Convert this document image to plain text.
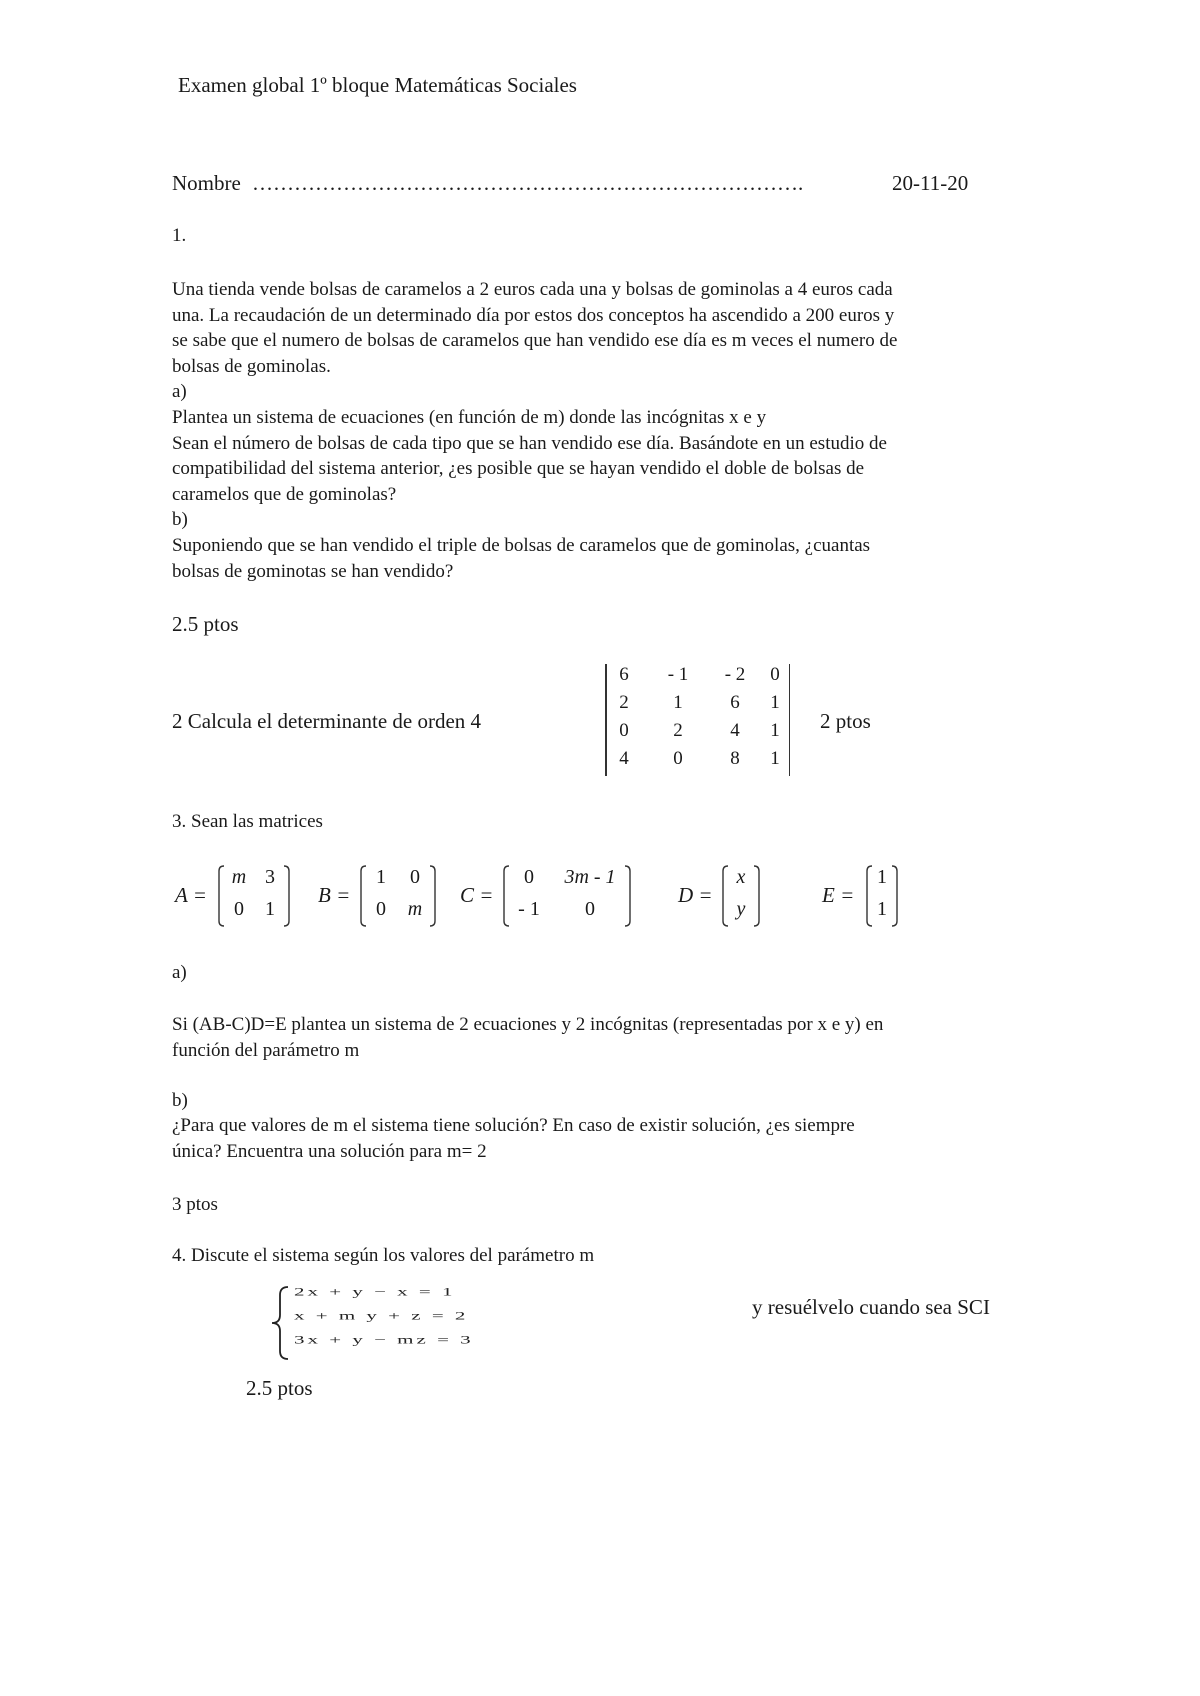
Examen global 1º bloque Matemáticas Sociales
Nombre …………………………………………………………………….	20-11-20
1.
Una tienda vende bolsas de caramelos a 2 euros cada una y bolsas de gominolas a 4 euros cada
una. La recaudación de un determinado día por estos dos conceptos ha ascendido a 200 euros y
se sabe que el numero de bolsas de caramelos que han vendido ese día es m veces el numero de
bolsas de gominolas.
a)
Plantea un sistema de ecuaciones (en función de m) donde las incógnitas x e y
Sean el número de bolsas de cada tipo que se han vendido ese día. Basándote en un estudio de
compatibilidad del sistema anterior, ¿es posible que se hayan vendido el doble de bolsas de
caramelos que de gominolas?
b)
Suponiendo que se han vendido el triple de bolsas de caramelos que de gominolas, ¿cuantas
bolsas de gominotas se han vendido?
2.5 ptos
2 Calcula el determinante de orden 4
6	- 1	- 2	0
2	1	6	1
0	2	4	1
4	0	8	1
2 ptos
3. Sean las matrices
A =
m 3
0	1
B =
1	0
0	m
C =
0	3m - 1
- 1	0
D =
x
y
E =
1
1
a)
Si (AB-C)D=E plantea un sistema de 2 ecuaciones y 2 incógnitas (representadas por x e y) en
función del parámetro m
b)
¿Para que valores de m el sistema tiene solución? En caso de existir solución, ¿es siempre
única? Encuentra una solución para m= 2
3 ptos
4. Discute el sistema según los valores del parámetro m
2x + y − x = 1
x + m y + z = 2
3x + y − mz = 3
y resuélvelo cuando sea SCI
2.5 ptos
